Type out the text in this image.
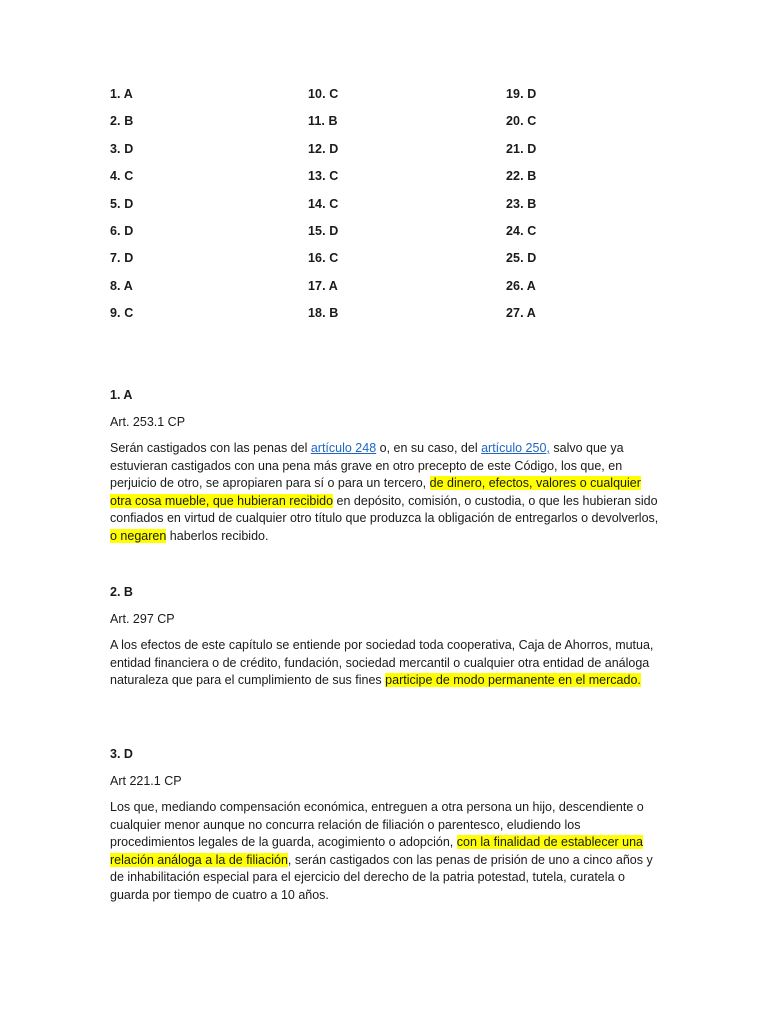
1. A
2. B
3. D
4. C
5. D
6. D
7. D
8. A
9. C
10. C
11. B
12. D
13. C
14. C
15. D
16. C
17. A
18. B
19. D
20. C
21. D
22. B
23. B
24. C
25. D
26. A
27. A

1. A

Art. 253.1 CP

Serán castigados con las penas del artículo 248 o, en su caso, del artículo 250, salvo que ya estuvieran castigados con una pena más grave en otro precepto de este Código, los que, en perjuicio de otro, se apropiaren para sí o para un tercero, de dinero, efectos, valores o cualquier otra cosa mueble, que hubieran recibido en depósito, comisión, o custodia, o que les hubieran sido confiados en virtud de cualquier otro título que produzca la obligación de entregarlos o devolverlos, o negaren haberlos recibido.

2. B

Art. 297 CP

A los efectos de este capítulo se entiende por sociedad toda cooperativa, Caja de Ahorros, mutua, entidad financiera o de crédito, fundación, sociedad mercantil o cualquier otra entidad de análoga naturaleza que para el cumplimiento de sus fines participe de modo permanente en el mercado.

3. D

Art 221.1 CP

Los que, mediando compensación económica, entreguen a otra persona un hijo, descendiente o cualquier menor aunque no concurra relación de filiación o parentesco, eludiendo los procedimientos legales de la guarda, acogimiento o adopción, con la finalidad de establecer una relación análoga a la de filiación, serán castigados con las penas de prisión de uno a cinco años y de inhabilitación especial para el ejercicio del derecho de la patria potestad, tutela, curatela o guarda por tiempo de cuatro a 10 años.
